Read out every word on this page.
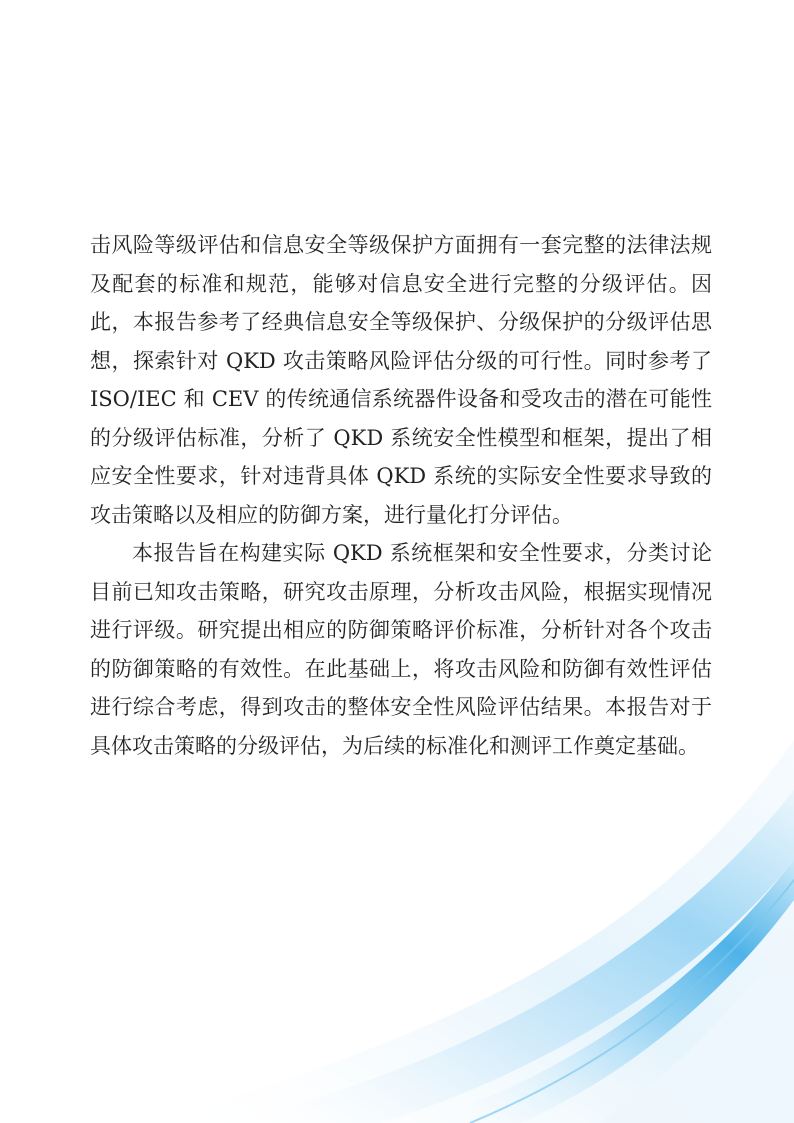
击风险等级评估和信息安全等级保护方面拥有一套完整的法律法规及配套的标准和规范，能够对信息安全进行完整的分级评估。因此，本报告参考了经典信息安全等级保护、分级保护的分级评估思想，探索针对 QKD 攻击策略风险评估分级的可行性。同时参考了 ISO/IEC 和 CEV 的传统通信系统器件设备和受攻击的潜在可能性的分级评估标准，分析了 QKD 系统安全性模型和框架，提出了相应安全性要求，针对违背具体 QKD 系统的实际安全性要求导致的攻击策略以及相应的防御方案，进行量化打分评估。

本报告旨在构建实际 QKD 系统框架和安全性要求，分类讨论目前已知攻击策略，研究攻击原理，分析攻击风险，根据实现情况进行评级。研究提出相应的防御策略评价标准，分析针对各个攻击的防御策略的有效性。在此基础上，将攻击风险和防御有效性评估进行综合考虑，得到攻击的整体安全性风险评估结果。本报告对于具体攻击策略的分级评估，为后续的标准化和测评工作奠定基础。
